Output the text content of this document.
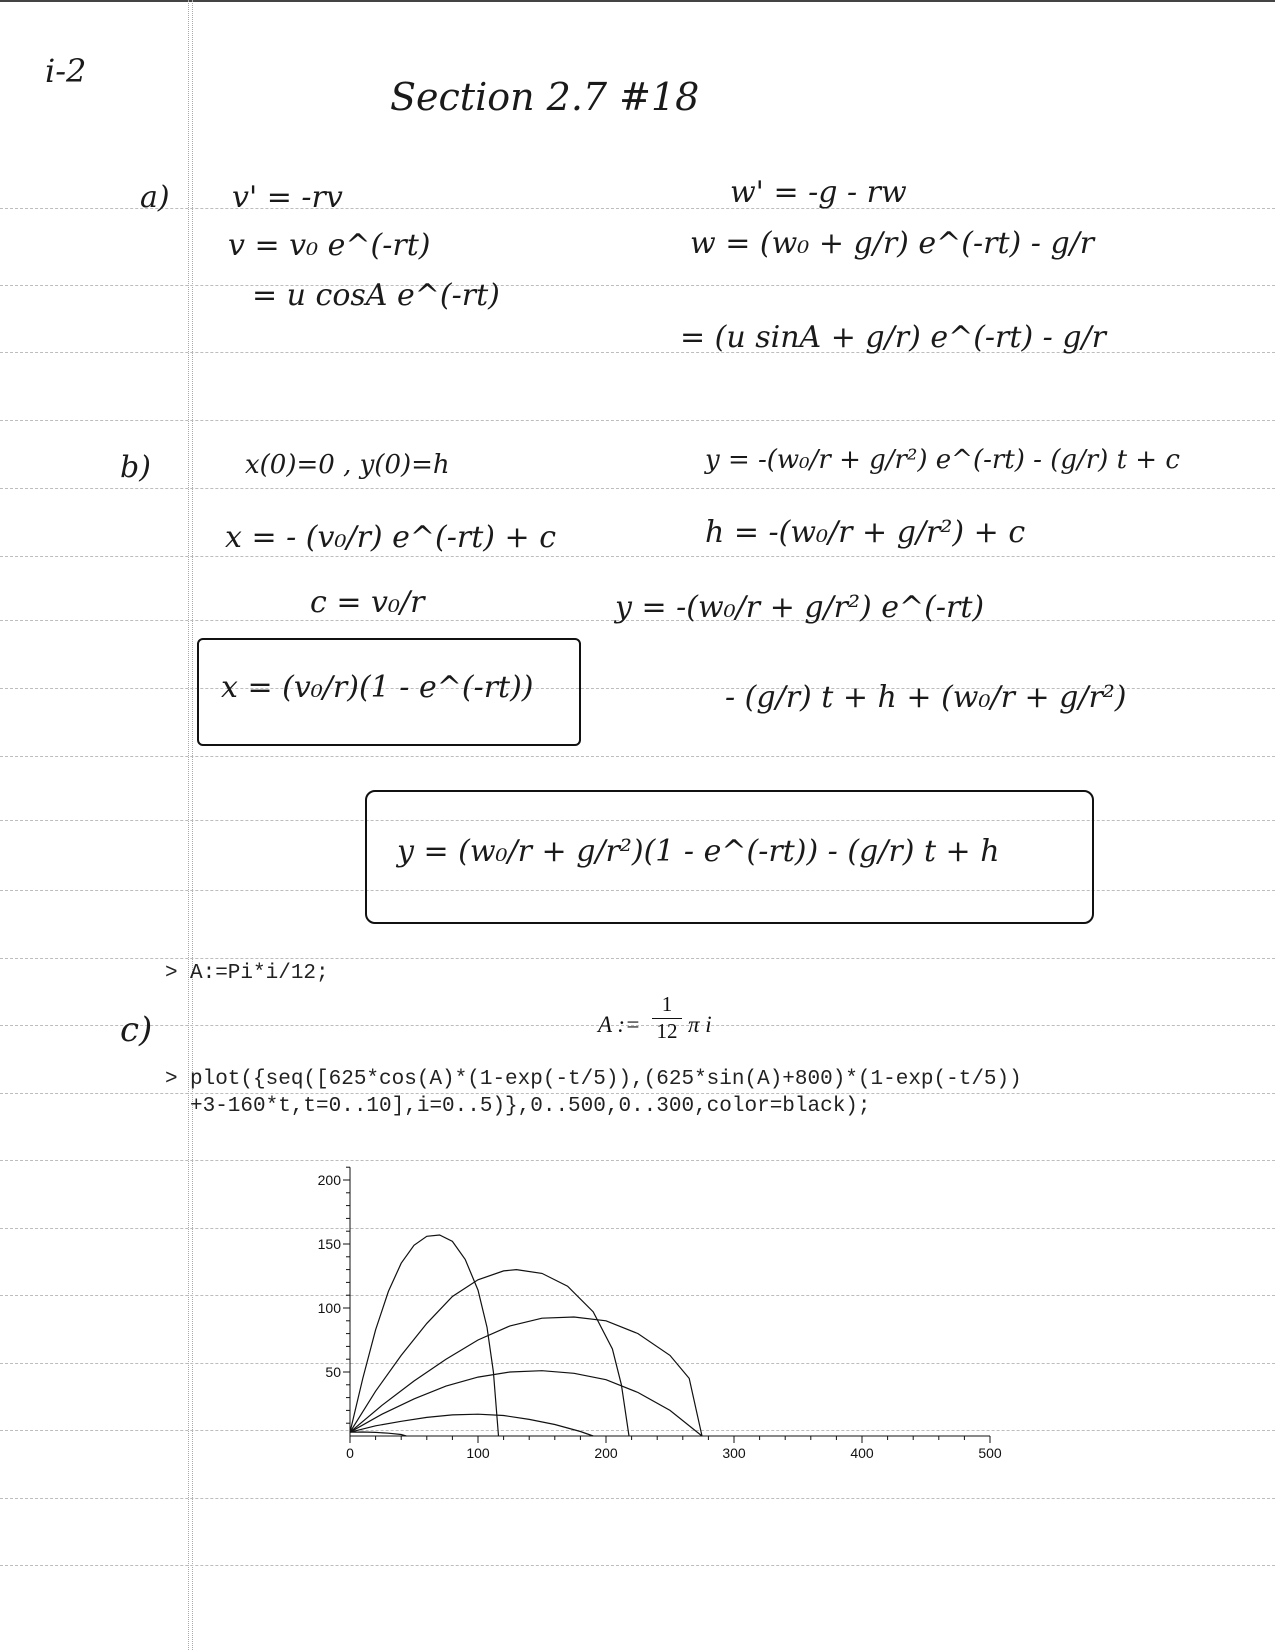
i-2
Section 2.7 #18
a) v' = -rv
v = v₀ e^(-rt)
= u cosA e^(-rt)
w' = -g - rw
w = (w₀ + g/r) e^(-rt) - g/r
= (u sinA + g/r) e^(-rt) - g/r
b)	x(0)=0 , y(0)=h
x = - (v₀/r) e^(-rt) + c
c = v₀/r
x = (v₀/r)(1 - e^(-rt))
y = -(w₀/r + g/r²) e^(-rt) - (g/r) t + c
h = -(w₀/r + g/r²) + c
y = -(w₀/r + g/r²) e^(-rt)
- (g/r) t + h + (w₀/r + g/r²)
y = (w₀/r + g/r²)(1 - e^(-rt)) - (g/r) t + h
> A:=Pi*i/12;
c)	A := $\frac{1}{12}$ π i
> plot({seq([625*cos(A)*(1-exp(-t/5)),(625*sin(A)+800)*(1-exp(-t/5))
+3-160*t,t=0..10],i=0..5)},0..500,0..300,color=black);
0	100	200	300	400	500
50
100
150
200
